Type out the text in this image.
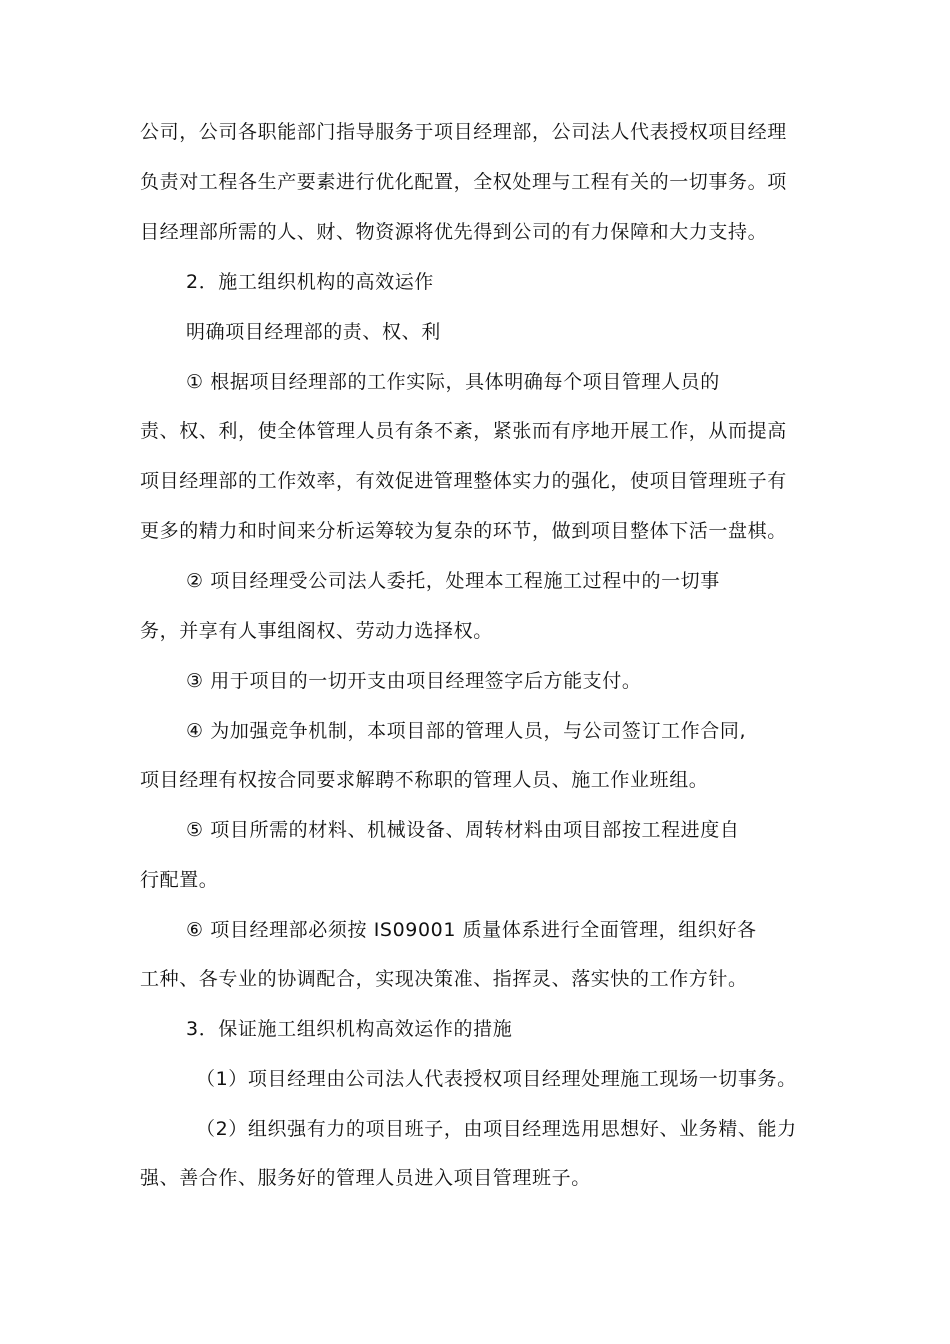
公司，公司各职能部门指导服务于项目经理部，公司法人代表授权项目经理

负责对工程各生产要素进行优化配置，全权处理与工程有关的一切事务。项

目经理部所需的人、财、物资源将优先得到公司的有力保障和大力支持。

2．施工组织机构的高效运作

明确项目经理部的责、权、利

① 根据项目经理部的工作实际，具体明确每个项目管理人员的

责、权、利，使全体管理人员有条不紊，紧张而有序地开展工作，从而提高

项目经理部的工作效率，有效促进管理整体实力的强化，使项目管理班子有

更多的精力和时间来分析运筹较为复杂的环节，做到项目整体下活一盘棋。

② 项目经理受公司法人委托，处理本工程施工过程中的一切事

务，并享有人事组阁权、劳动力选择权。

③ 用于项目的一切开支由项目经理签字后方能支付。

④ 为加强竞争机制，本项目部的管理人员，与公司签订工作合同,

项目经理有权按合同要求解聘不称职的管理人员、施工作业班组。

⑤ 项目所需的材料、机械设备、周转材料由项目部按工程进度自

行配置。

⑥ 项目经理部必须按 IS09001 质量体系进行全面管理，组织好各

工种、各专业的协调配合，实现决策准、指挥灵、落实快的工作方针。

3．保证施工组织机构高效运作的措施

（1）项目经理由公司法人代表授权项目经理处理施工现场一切事务。

（2）组织强有力的项目班子，由项目经理选用思想好、业务精、能力

强、善合作、服务好的管理人员进入项目管理班子。
